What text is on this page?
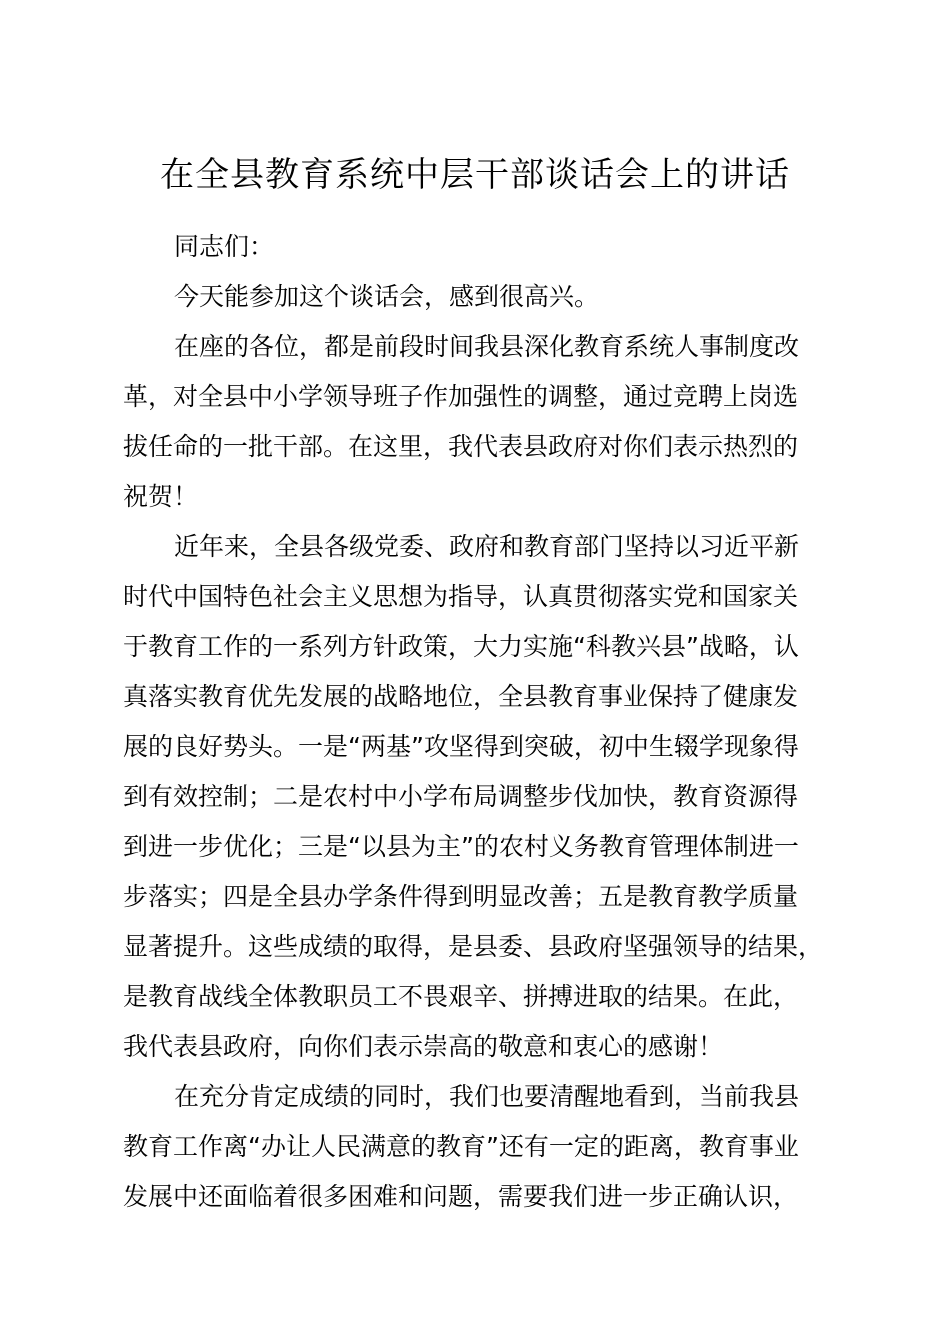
在全县教育系统中层干部谈话会上的讲话
同志们：
今天能参加这个谈话会，感到很高兴。
在座的各位，都是前段时间我县深化教育系统人事制度改
革，对全县中小学领导班子作加强性的调整，通过竞聘上岗选
拔任命的一批干部。在这里，我代表县政府对你们表示热烈的
祝贺！
近年来，全县各级党委、政府和教育部门坚持以习近平新
时代中国特色社会主义思想为指导，认真贯彻落实党和国家关
于教育工作的一系列方针政策，大力实施“科教兴县”战略，认
真落实教育优先发展的战略地位，全县教育事业保持了健康发
展的良好势头。一是“两基”攻坚得到突破，初中生辍学现象得
到有效控制；二是农村中小学布局调整步伐加快，教育资源得
到进一步优化；三是“以县为主”的农村义务教育管理体制进一
步落实；四是全县办学条件得到明显改善；五是教育教学质量
显著提升。这些成绩的取得，是县委、县政府坚强领导的结果，
是教育战线全体教职员工不畏艰辛、拼搏进取的结果。在此，
我代表县政府，向你们表示崇高的敬意和衷心的感谢！
在充分肯定成绩的同时，我们也要清醒地看到，当前我县
教育工作离“办让人民满意的教育”还有一定的距离，教育事业
发展中还面临着很多困难和问题，需要我们进一步正确认识，
